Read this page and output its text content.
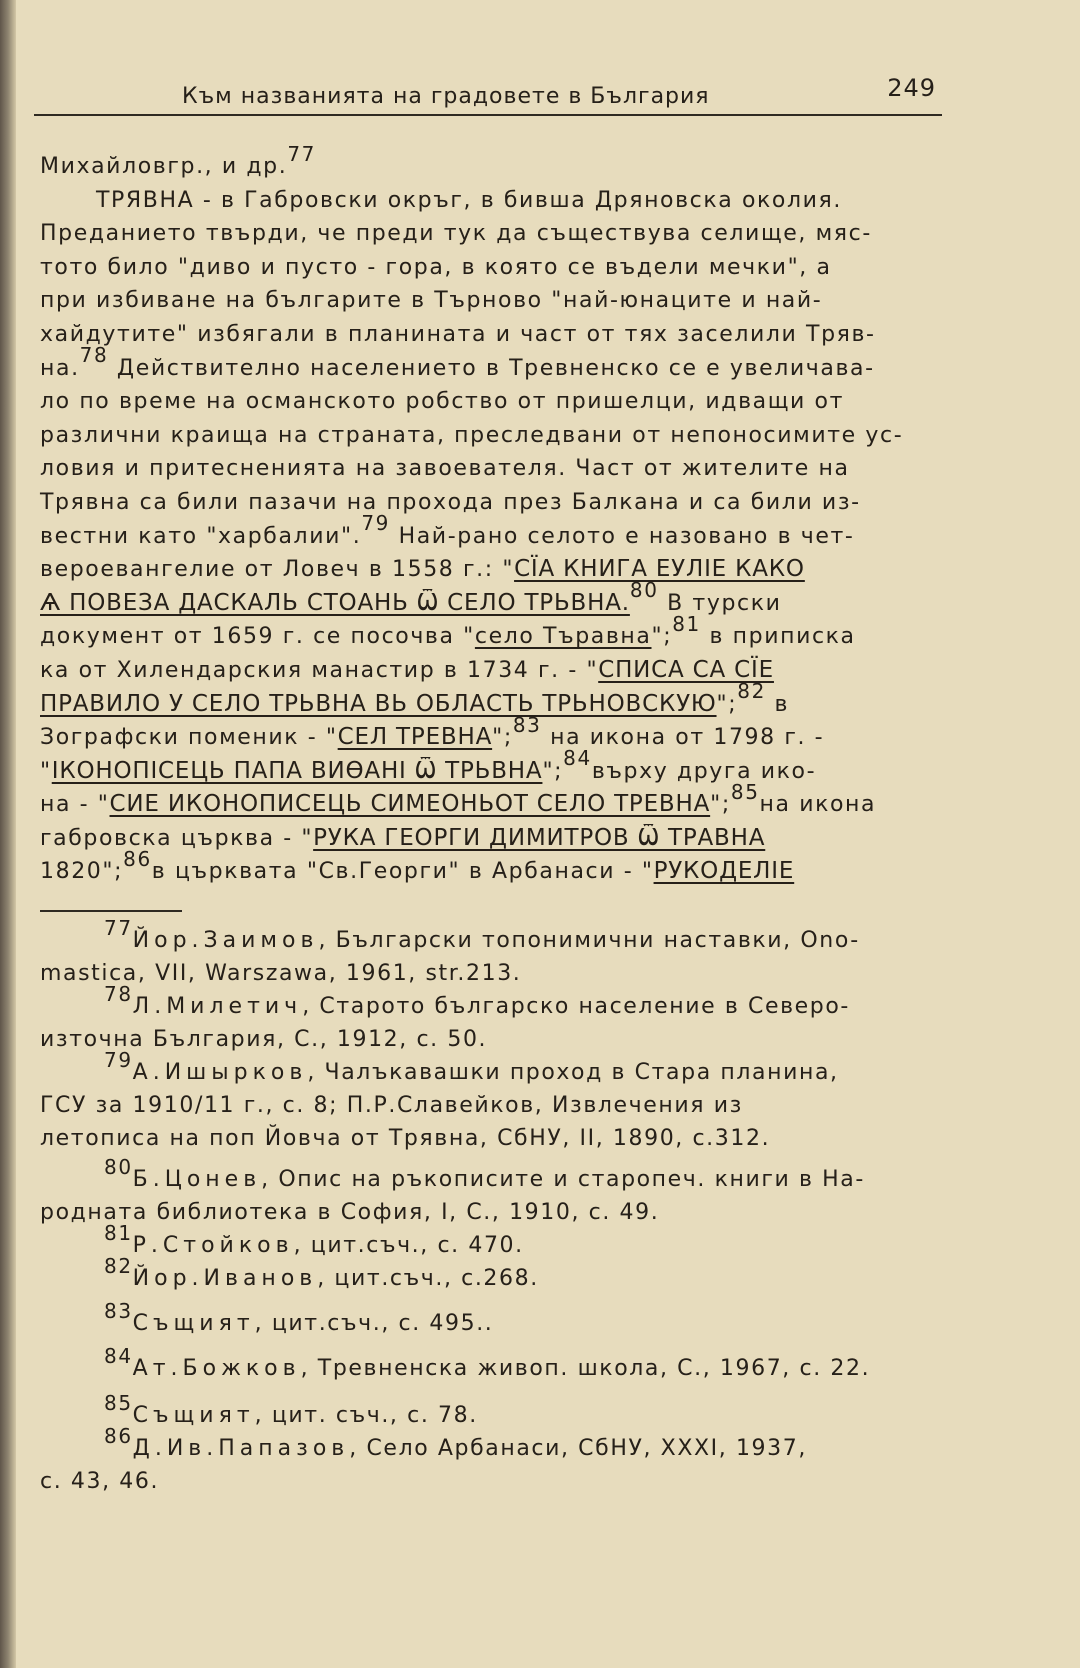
Към названията на градовете в България	249
Михайловгр., и др.$^{77}$
ТРЯВНА - в Габровски окръг, в бивша Дряновска околия.
Преданието твърди, че преди тук да съществува селище, мяс-
тото било "диво и пусто - гора, в която се въдели мечки", а
при избиване на българите в Търново "най-юнаците и най-
хайдутите" избягали в планината и част от тях заселили Тряв-
на.$^{78}$ Действително населението в Тревненско се е увеличава-
ло по време на османското робство от пришелци, идващи от
различни краища на страната, преследвани от непоносимите ус-
ловия и притесненията на завоевателя. Част от жителите на
Трявна са били пазачи на прохода през Балкана и са били из-
вестни като "харбалии".$^{79}$ Най-рано селото е назовано в чет-
вероевангелие от Ловеч в 1558 г.: "СЇА КНИГА ЕУЛІЕ КАКО
Ѧ ПОВЕЗА ДАСКАЛЬ СТОАНЬ Ѿ СЕЛО ТРЬВНА.$^{80}$ В турски
документ от 1659 г. се посочва "село Търавна";$^{81}$ в приписка
ка от Хилендарския манастир в 1734 г. - "СПИСА СА СЇЕ
ПРАВИЛО У СЕЛО ТРЬВНА ВЬ ОБЛАСТЬ ТРЬНОВСКУЮ";$^{82}$ в
Зографски поменик - "СЕЛ ТРЕВНА";$^{83}$ на икона от 1798 г. -
"ІКОНОПІСЕЦЬ ПАПА ВИѲАНІ Ѿ ТРЬВНА";$^{84}$върху друга ико-
на - "СИЕ ИКОНОПИСЕЦЬ СИМЕОНЬОТ СЕЛО ТРЕВНА";$^{85}$на икона
габровска църква - "РУКА ГЕОРГИ ДИМИТРОВ Ѿ ТРАВНА
1820";$^{86}$в църквата "Св.Георги" в Арбанаси - "РУКОДЕЛІЕ
$^{77}$Йор.Заимов, Български топонимични наставки, Ono-
mastica, VII, Warszawa, 1961, str.213.
$^{78}$Л.Милетич, Старото българско население в Северо-
източна България, С., 1912, с. 50.
$^{79}$А.Ишырков, Чалъкавашки проход в Стара планина,
ГСУ за 1910/11 г., с. 8; П.Р.Славейков, Извлечения из
летописа на поп Йовча от Трявна, СбНУ, II, 1890, с.312.
$^{80}$Б.Цонев, Опис на ръкописите и старопеч. книги в На-
родната библиотека в София, I, С., 1910, с. 49.
$^{81}$Р.Стойков, цит.съч., с. 470.
$^{82}$Йор.Иванов, цит.съч., с.268.
$^{83}$Същият, цит.съч., с. 495..
$^{84}$Ат.Божков, Тревненска живоп. школа, С., 1967, с. 22.
$^{85}$Същият, цит. съч., с. 78.
$^{86}$Д.Ив.Папазов, Село Арбанаси, СбНУ, XXXI, 1937,
с. 43, 46.
